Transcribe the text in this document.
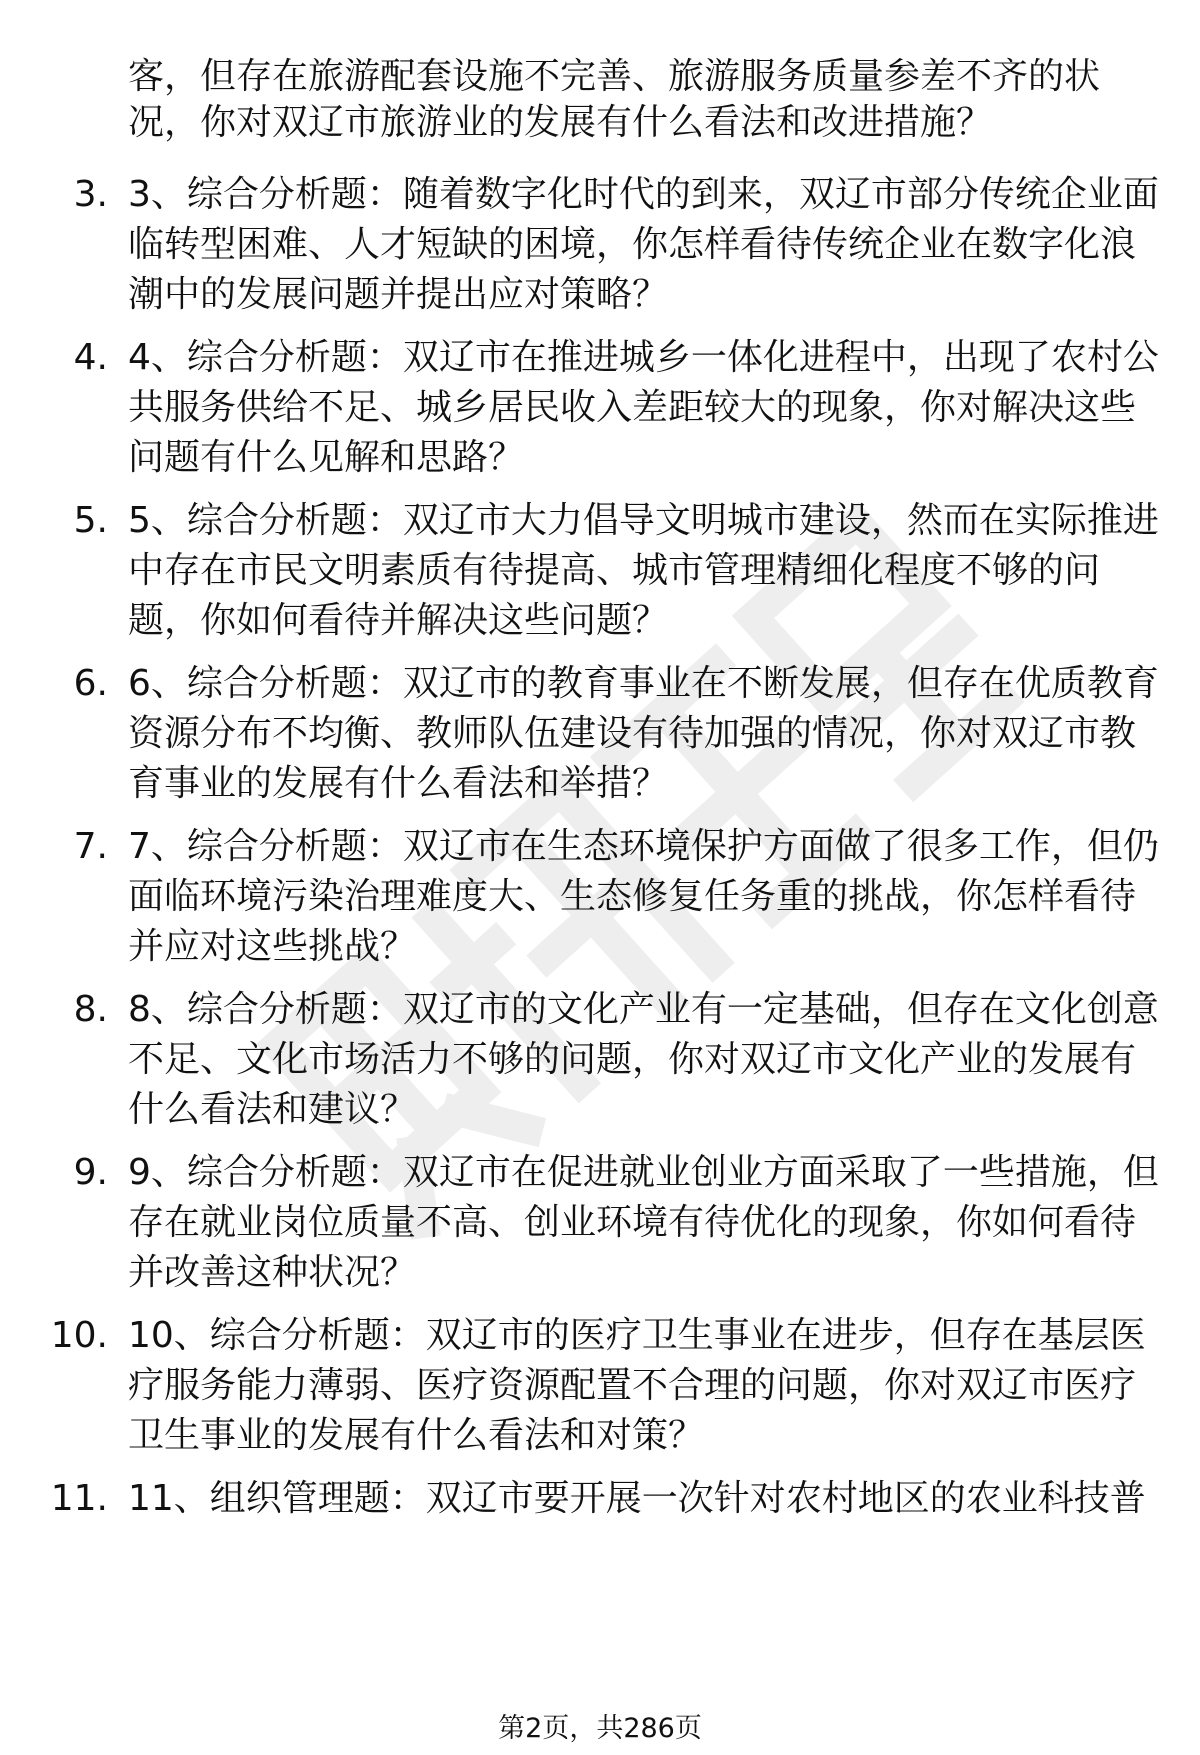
客，但存在旅游配套设施不完善、旅游服务质量参差不齐的状
况，你对双辽市旅游业的发展有什么看法和改进措施？
3. 3、综合分析题：随着数字化时代的到来，双辽市部分传统企业面
临转型困难、人才短缺的困境，你怎样看待传统企业在数字化浪
潮中的发展问题并提出应对策略？
4. 4、综合分析题：双辽市在推进城乡一体化进程中，出现了农村公
共服务供给不足、城乡居民收入差距较大的现象，你对解决这些
问题有什么见解和思路？
5. 5、综合分析题：双辽市大力倡导文明城市建设，然而在实际推进
中存在市民文明素质有待提高、城市管理精细化程度不够的问
题，你如何看待并解决这些问题？
6. 6、综合分析题：双辽市的教育事业在不断发展，但存在优质教育
资源分布不均衡、教师队伍建设有待加强的情况，你对双辽市教
育事业的发展有什么看法和举措？
7. 7、综合分析题：双辽市在生态环境保护方面做了很多工作，但仍
面临环境污染治理难度大、生态修复任务重的挑战，你怎样看待
并应对这些挑战？
8. 8、综合分析题：双辽市的文化产业有一定基础，但存在文化创意
不足、文化市场活力不够的问题，你对双辽市文化产业的发展有
什么看法和建议？
9. 9、综合分析题：双辽市在促进就业创业方面采取了一些措施，但
存在就业岗位质量不高、创业环境有待优化的现象，你如何看待
并改善这种状况？
10. 10、综合分析题：双辽市的医疗卫生事业在进步，但存在基层医
疗服务能力薄弱、医疗资源配置不合理的问题，你对双辽市医疗
卫生事业的发展有什么看法和对策？
11. 11、组织管理题：双辽市要开展一次针对农村地区的农业科技普
第2页，共286页
